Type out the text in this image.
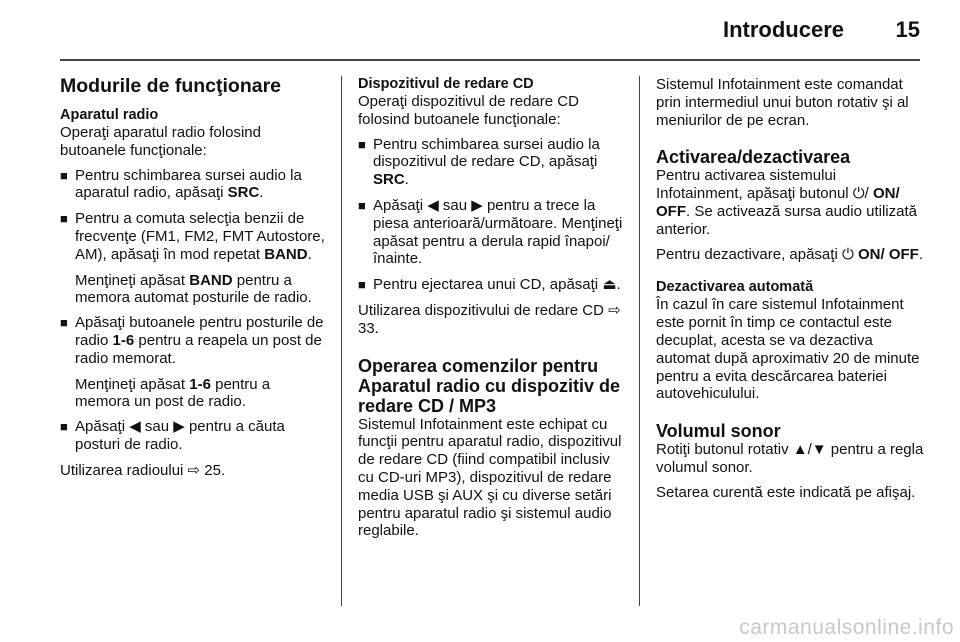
Introducere 15
Modurile de funcţionare
Aparatul radio

Operaţi aparatul radio folosind butoanele funcţionale:

■ Pentru schimbarea sursei audio la aparatul radio, apăsaţi SRC.
■ Pentru a comuta selecţia benzii de frecvenţe (FM1, FM2, FMT Autostore, AM), apăsaţi în mod repetat BAND.

Menţineţi apăsat BAND pentru a memora automat posturile de radio.

■ Apăsaţi butoanele pentru posturile de radio 1-6 pentru a reapela un post de radio memorat.

Menţineţi apăsat 1-6 pentru a memora un post de radio.

■ Apăsaţi ◀ sau ▶ pentru a căuta posturi de radio.

Utilizarea radioului ⇨ 25.

Dispozitivul de redare CD

Operaţi dispozitivul de redare CD folosind butoanele funcţionale:

■ Pentru schimbarea sursei audio la dispozitivul de redare CD, apăsaţi SRC.
■ Apăsaţi ◀ sau ▶ pentru a trece la piesa anterioară/următoare. Menţineţi apăsat pentru a derula rapid înapoi/înainte.
■ Pentru ejectarea unui CD, apăsaţi ⏏.

Utilizarea dispozitivului de redare CD ⇨ 33.

Operarea comenzilor pentru Aparatul radio cu dispozitiv de redare CD / MP3

Sistemul Infotainment este echipat cu funcţii pentru aparatul radio, dispozitivul de redare CD (fiind compatibil inclusiv cu CD-uri MP3), dispozitivul de redare media USB şi AUX şi cu diverse setări pentru aparatul radio şi sistemul audio reglabile.

Sistemul Infotainment este comandat prin intermediul unui buton rotativ şi al meniurilor de pe ecran.

Activarea/dezactivarea

Pentru activarea sistemului Infotainment, apăsaţi butonul ⏻/ ON/ OFF. Se activează sursa audio utilizată anterior.

Pentru dezactivare, apăsaţi ⏻ ON/ OFF.

Dezactivarea automată

În cazul în care sistemul Infotainment este pornit în timp ce contactul este decuplat, acesta se va dezactiva automat după aproximativ 20 de minute pentru a evita descărcarea bateriei autovehiculului.

Volumul sonor

Rotiţi butonul rotativ ▲/▼ pentru a regla volumul sonor.

Setarea curentă este indicată pe afişaj.

carmanualsonline.info
